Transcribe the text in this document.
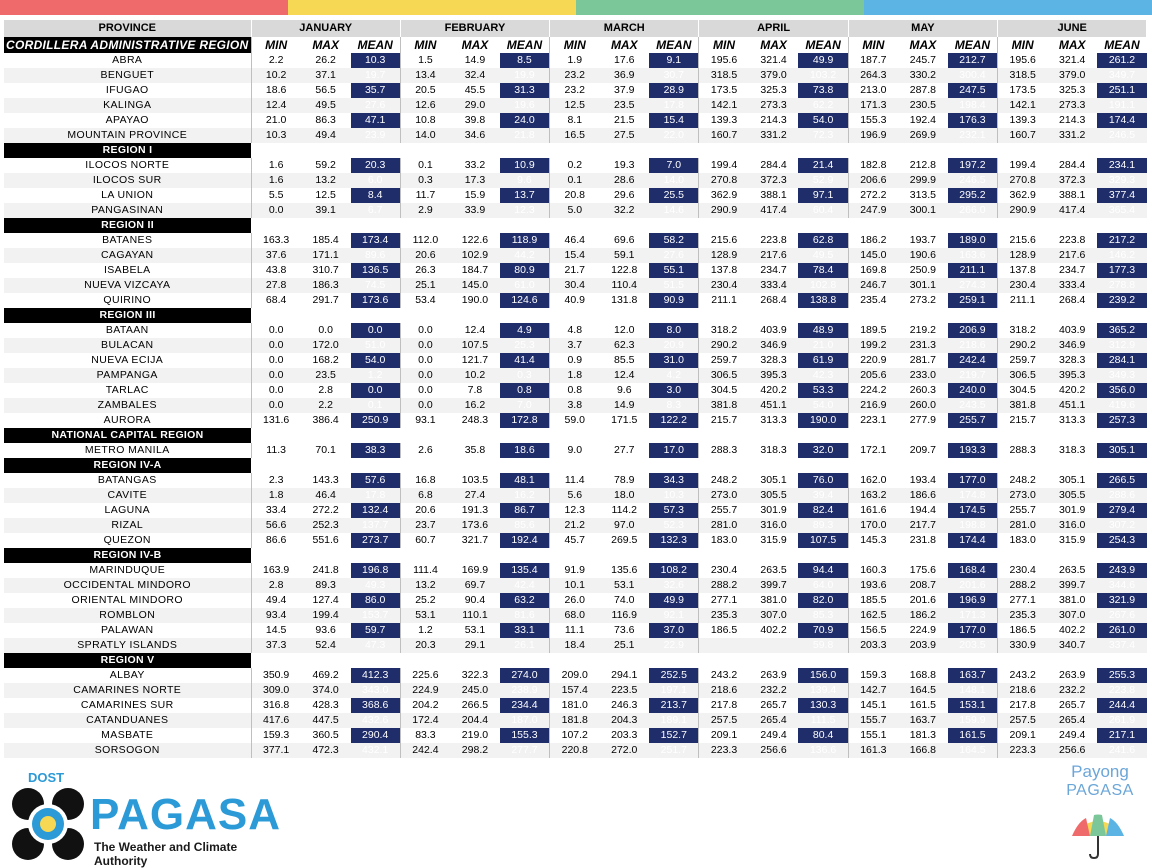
PROVINCE	JANUARY			FEBRUARY			MARCH			APRIL			MAY			JUNE		
CORDILLERA ADMINISTRATIVE REGION	MIN	MAX	MEAN	MIN	MAX	MEAN	MIN	MAX	MEAN	MIN	MAX	MEAN	MIN	MAX	MEAN	MIN	MAX	MEAN
ABRA	2.2	26.2	10.3	1.5	14.9	8.5	1.9	17.6	9.1	195.6	321.4	49.9	187.7	245.7	212.7	195.6	321.4	261.2
BENGUET	10.2	37.1	19.7	13.4	32.4	19.9	23.2	36.9	30.7	318.5	379.0	103.2	264.3	330.2	300.4	318.5	379.0	349.7
IFUGAO	18.6	56.5	35.7	20.5	45.5	31.3	23.2	37.9	28.9	173.5	325.3	73.8	213.0	287.8	247.5	173.5	325.3	251.1
KALINGA	12.4	49.5	27.6	12.6	29.0	19.6	12.5	23.5	17.8	142.1	273.3	62.2	171.3	230.5	198.4	142.1	273.3	191.1
APAYAO	21.0	86.3	47.1	10.8	39.8	24.0	8.1	21.5	15.4	139.3	214.3	54.0	155.3	192.4	176.3	139.3	214.3	174.4
MOUNTAIN PROVINCE	10.3	49.4	23.9	14.0	34.6	21.8	16.5	27.5	22.0	160.7	331.2	72.3	196.9	269.9	232.1	160.7	331.2	246.5
REGION I																		
ILOCOS NORTE	1.6	59.2	20.3	0.1	33.2	10.9	0.2	19.3	7.0	199.4	284.4	21.4	182.8	212.8	197.2	199.4	284.4	234.1
ILOCOS SUR	1.6	13.2	6.0	0.3	17.3	9.6	0.1	28.6	14.0	270.8	372.3	52.9	206.6	299.9	246.5	270.8	372.3	329.3
LA UNION	5.5	12.5	8.4	11.7	15.9	13.7	20.8	29.6	25.5	362.9	388.1	97.1	272.2	313.5	295.2	362.9	388.1	377.4
PANGASINAN	0.0	39.1	6.7	2.9	33.9	12.3	5.0	32.2	14.6	290.9	417.4	60.4	247.9	300.1	266.0	290.9	417.4	365.4
REGION II																		
BATANES	163.3	185.4	173.4	112.0	122.6	118.9	46.4	69.6	58.2	215.6	223.8	62.8	186.2	193.7	189.0	215.6	223.8	217.2
CAGAYAN	37.6	171.1	89.6	20.6	102.9	44.2	15.4	59.1	27.6	128.9	217.6	49.5	145.0	190.6	163.6	128.9	217.6	146.2
ISABELA	43.8	310.7	136.5	26.3	184.7	80.9	21.7	122.8	55.1	137.8	234.7	78.4	169.8	250.9	211.1	137.8	234.7	177.3
NUEVA VIZCAYA	27.8	186.3	74.5	25.1	145.0	61.0	30.4	110.4	51.5	230.4	333.4	102.8	246.7	301.1	274.3	230.4	333.4	278.8
QUIRINO	68.4	291.7	173.6	53.4	190.0	124.6	40.9	131.8	90.9	211.1	268.4	138.8	235.4	273.2	259.1	211.1	268.4	239.2
REGION III																		
BATAAN	0.0	0.0	0.0	0.0	12.4	4.9	4.8	12.0	8.0	318.2	403.9	48.9	189.5	219.2	206.9	318.2	403.9	365.2
BULACAN	0.0	172.0	51.0	0.0	107.5	25.3	3.7	62.3	20.9	290.2	346.9	21.0	199.2	231.3	218.6	290.2	346.9	312.9
NUEVA ECIJA	0.0	168.2	54.0	0.0	121.7	41.4	0.9	85.5	31.0	259.7	328.3	61.9	220.9	281.7	242.4	259.7	328.3	284.1
PAMPANGA	0.0	23.5	1.2	0.0	10.2	0.3	1.8	12.4	4.2	306.5	395.3	42.3	205.6	233.0	219.7	306.5	395.3	349.3
TARLAC	0.0	2.8	0.0	0.0	7.8	0.8	0.8	9.6	3.0	304.5	420.2	53.3	224.2	260.3	240.0	304.5	420.2	356.0
ZAMBALES	0.0	2.2	0.1	0.0	16.2	7.0	3.8	14.9	8.3	381.8	451.1	54.0	216.9	260.0	243.5	381.8	451.1	419.6
AURORA	131.6	386.4	250.9	93.1	248.3	172.8	59.0	171.5	122.2	215.7	313.3	190.0	223.1	277.9	255.7	215.7	313.3	257.3
NATIONAL CAPITAL REGION																		
METRO MANILA	11.3	70.1	38.3	2.6	35.8	18.6	9.0	27.7	17.0	288.3	318.3	32.0	172.1	209.7	193.3	288.3	318.3	305.1
REGION IV-A																		
BATANGAS	2.3	143.3	57.6	16.8	103.5	48.1	11.4	78.9	34.3	248.2	305.1	76.0	162.0	193.4	177.0	248.2	305.1	266.5
CAVITE	1.8	46.4	17.8	6.8	27.4	16.2	5.6	18.0	10.3	273.0	305.5	39.4	163.2	186.6	174.8	273.0	305.5	288.6
LAGUNA	33.4	272.2	132.4	20.6	191.3	86.7	12.3	114.2	57.3	255.7	301.9	82.4	161.6	194.4	174.5	255.7	301.9	279.4
RIZAL	56.6	252.3	137.7	23.7	173.6	85.6	21.2	97.0	52.3	281.0	316.0	89.3	170.0	217.7	198.8	281.0	316.0	307.2
QUEZON	86.6	551.6	273.7	60.7	321.7	192.4	45.7	269.5	132.3	183.0	315.9	107.5	145.3	231.8	174.4	183.0	315.9	254.3
REGION IV-B																		
MARINDUQUE	163.9	241.8	196.8	111.4	169.9	135.4	91.9	135.6	108.2	230.4	263.5	94.4	160.3	175.6	168.4	230.4	263.5	243.9
OCCIDENTAL MINDORO	2.8	89.3	49.3	13.2	69.7	42.4	10.1	53.1	32.6	288.2	399.7	64.0	193.6	208.7	201.6	288.2	399.7	344.6
ORIENTAL MINDORO	49.4	127.4	86.0	25.2	90.4	63.2	26.0	74.0	49.9	277.1	381.0	82.0	185.5	201.6	196.9	277.1	381.0	321.9
ROMBLON	93.4	199.4	153.7	53.1	110.1	81.6	68.0	116.9	92.1	235.3	307.0	85.3	162.5	186.2	171.3	235.3	307.0	267.6
PALAWAN	14.5	93.6	59.7	1.2	53.1	33.1	11.1	73.6	37.0	186.5	402.2	70.9	156.5	224.9	177.0	186.5	402.2	261.0
SPRATLY ISLANDS	37.3	52.4	47.3	20.3	29.1	26.1	18.4	25.1	22.9			59.8	203.3	203.9	203.5	330.9	340.7	337.4
REGION V																		
ALBAY	350.9	469.2	412.3	225.6	322.3	274.0	209.0	294.1	252.5	243.2	263.9	156.0	159.3	168.8	163.7	243.2	263.9	255.3
CAMARINES NORTE	309.0	374.0	343.0	224.9	245.0	238.9	157.4	223.5	197.1	218.6	232.2	139.4	142.7	164.5	148.1	218.6	232.2	223.8
CAMARINES SUR	316.8	428.3	368.6	204.2	266.5	234.4	181.0	246.3	213.7	217.8	265.7	130.3	145.1	161.5	153.1	217.8	265.7	244.4
CATANDUANES	417.6	447.5	432.6	172.4	204.4	187.0	181.8	204.3	189.1	257.5	265.4	111.5	155.7	163.7	159.9	257.5	265.4	261.9
MASBATE	159.3	360.5	290.4	83.3	219.0	155.3	107.2	203.3	152.7	209.1	249.4	80.4	155.1	181.3	161.5	209.1	249.4	217.1
SORSOGON	377.1	472.3	432.1	242.4	298.2	277.7	220.8	272.0	251.7	223.3	256.6	136.6	161.3	166.8	164.5	223.3	256.6	241.6
DOST
PAGASA
The Weather and Climate Authority
Payong
PAGASA
